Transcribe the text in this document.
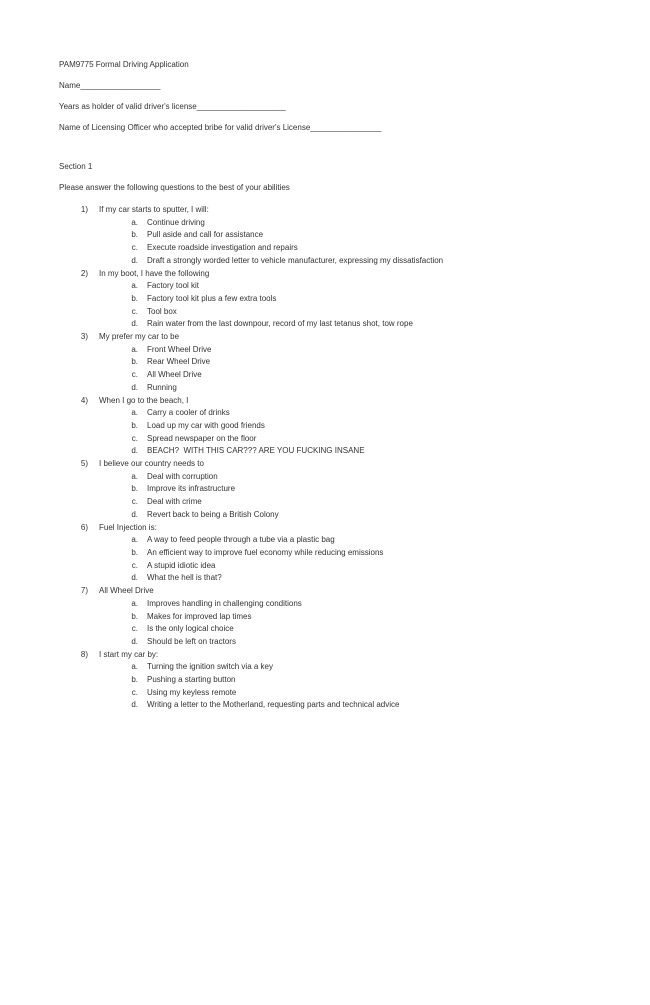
PAM9775 Formal Driving Application
Name__________________
Years as holder of valid driver's license____________________
Name of Licensing Officer who accepted bribe for valid driver's License________________
Section 1
Please answer the following questions to the best of your abilities
1)	If my car starts to sputter, I will:
a.	Continue driving
b.	Pull aside and call for assistance
c.	Execute roadside investigation and repairs
d.	Draft a strongly worded letter to vehicle manufacturer, expressing my dissatisfaction
2)	In my boot, I have the following
a.	Factory tool kit
b.	Factory tool kit plus a few extra tools
c.	Tool box
d.	Rain water from the last downpour, record of my last tetanus shot, tow rope
3)	My prefer my car to be
a.	Front Wheel Drive
b.	Rear Wheel Drive
c.	All Wheel Drive
d.	Running
4)	When I go to the beach, I
a.	Carry a cooler of drinks
b.	Load up my car with good friends
c.	Spread newspaper on the floor
d.	BEACH?  WITH THIS CAR??? ARE YOU FUCKING INSANE
5)	I believe our country needs to
a.	Deal with corruption
b.	Improve its infrastructure
c.	Deal with crime
d.	Revert back to being a British Colony
6)	Fuel Injection is:
a.	A way to feed people through a tube via a plastic bag
b.	An efficient way to improve fuel economy while reducing emissions
c.	A stupid idiotic idea
d.	What the hell is that?
7)	All Wheel Drive
a.	Improves handling in challenging conditions
b.	Makes for improved lap times
c.	Is the only logical choice
d.	Should be left on tractors
8)	I start my car by:
a.	Turning the ignition switch via a key
b.	Pushing a starting button
c.	Using my keyless remote
d.	Writing a letter to the Motherland, requesting parts and technical advice
